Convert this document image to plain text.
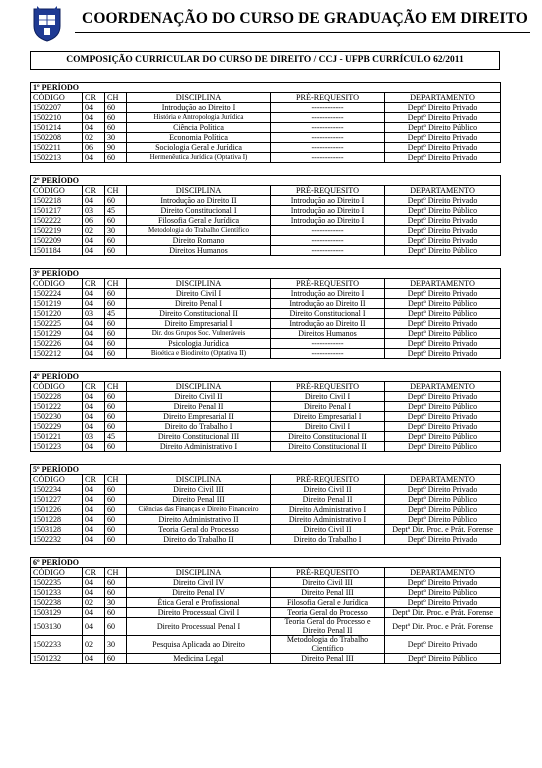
COORDENAÇÃO DO CURSO DE GRADUAÇÃO EM DIREITO
COMPOSIÇÃO CURRICULAR DO CURSO DE DIREITO / CCJ - UFPB CURRÍCULO 62/2011
1º PERÍODO					
CÓDIGO	CR	CH	DISCIPLINA	PRÉ-REQUESITO	DEPARTAMENTO
1502207	04	60	Introdução ao Direito I	------------	Deptº Direito Privado
1502210	04	60	História e Antropologia Jurídica	------------	Deptº Direito Privado
1501214	04	60	Ciência Política	------------	Deptº Direito Público
1502208	02	30	Economia Política	------------	Deptº Direito Privado
1502211	06	90	Sociologia Geral e Jurídica	------------	Deptº Direito Privado
1502213	04	60	Hermenêutica Jurídica (Optativa I)	------------	Deptº Direito Privado
2º PERÍODO					
CÓDIGO	CR	CH	DISCIPLINA	PRÉ-REQUESITO	DEPARTAMENTO
1502218	04	60	Introdução ao Direito II	Introdução ao Direito I	Deptº Direito Privado
1501217	03	45	Direito Constitucional I	Introdução ao Direito I	Deptº Direito Público
1502222	06	60	Filosofia Geral e Jurídica	Introdução ao Direito I	Deptº Direito Privado
1502219	02	30	Metodologia do Trabalho Científico	------------	Deptº Direito Privado
1502209	04	60	Direito Romano	------------	Deptº Direito Privado
1501184	04	60	Direitos Humanos	------------	Deptº Direito Público
3º PERÍODO					
CÓDIGO	CR	CH	DISCIPLINA	PRÉ-REQUESITO	DEPARTAMENTO
1502224	04	60	Direito Civil I	Introdução ao Direito I	Deptº Direito Privado
1501219	04	60	Direito Penal I	Introdução ao Direito II	Deptº Direito Público
1501220	03	45	Direito Constitucional II	Direito Constitucional I	Deptº Direito Público
1502225	04	60	Direito Empresarial I	Introdução ao Direito II	Deptº Direito Privado
1501229	04	60	Dir. dos Grupos Soc. Vulneráveis	Direitos Humanos	Deptº Direito Público
1502226	04	60	Psicologia Jurídica	------------	Deptº Direito Privado
1502212	04	60	Bioética e Biodireito (Optativa II)	------------	Deptº Direito Privado
4º PERÍODO					
CÓDIGO	CR	CH	DISCIPLINA	PRÉ-REQUESITO	DEPARTAMENTO
1502228	04	60	Direito Civil II	Direito Civil I	Deptº Direito Privado
1501222	04	60	Direito Penal II	Direito Penal I	Deptº Direito Público
1502230	04	60	Direito Empresarial II	Direito Empresarial I	Deptº Direito Privado
1502229	04	60	Direito do Trabalho I	Direito Civil I	Deptº Direito Privado
1501221	03	45	Direito Constitucional III	Direito Constitucional II	Deptº Direito Público
1501223	04	60	Direito Administrativo I	Direito Constitucional II	Deptº Direito Público
5º PERÍODO					
CÓDIGO	CR	CH	DISCIPLINA	PRÉ-REQUESITO	DEPARTAMENTO
1502234	04	60	Direito Civil III	Direito Civil II	Deptº Direito Privado
1501227	04	60	Direito Penal III	Direito Penal II	Deptº Direito Público
1501226	04	60	Ciências das Finanças e Direito Financeiro	Direito Administrativo I	Deptº Direito Público
1501228	04	60	Direito Administrativo II	Direito Administrativo I	Deptº Direito Público
1503128	04	60	Teoria Geral do Processo	Direito Civil II	Deptº Dir. Proc. e Prát. Forense
1502232	04	60	Direito do Trabalho II	Direito do Trabalho I	Deptº Direito Privado
6º PERÍODO					
CÓDIGO	CR	CH	DISCIPLINA	PRÉ-REQUESITO	DEPARTAMENTO
1502235	04	60	Direito Civil IV	Direito Civil III	Deptº Direito Privado
1501233	04	60	Direito Penal IV	Direito Penal III	Deptº Direito Público
1502238	02	30	Ética Geral e Profissional	Filosofia Geral e Jurídica	Deptº Direito Privado
1503129	04	60	Direito Processual Civil I	Teoria Geral do Processo	Deptº Dir. Proc. e Prát. Forense
1503130	04	60	Direito Processual Penal I	Teoria Geral do Processo e Direito Penal II	Deptº Dir. Proc. e Prát. Forense
1502233	02	30	Pesquisa Aplicada ao Direito	Metodologia do Trabalho Científico	Deptº Direito Privado
1501232	04	60	Medicina Legal	Direito Penal III	Deptº Direito Público
